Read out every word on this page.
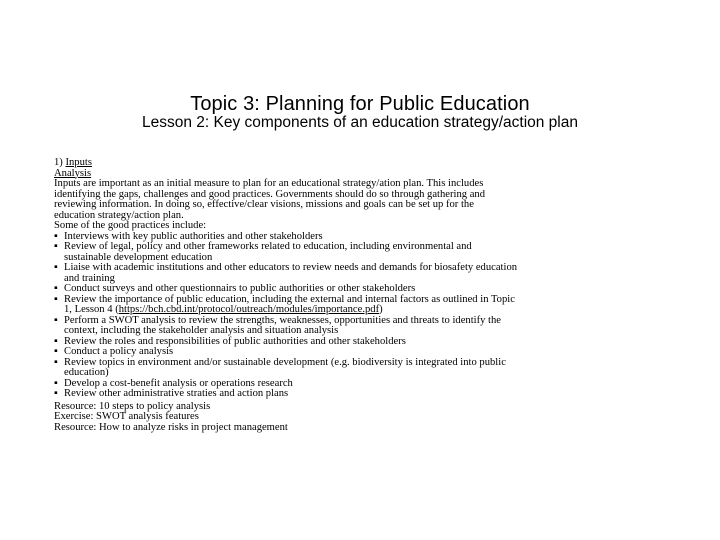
Topic 3: Planning for Public Education
Lesson 2: Key components of an education strategy/action plan

1) Inputs

Analysis

Inputs are important as an initial measure to plan for an educational strategy/ation plan. This includes

identifying the gaps, challenges and good practices. Governments should do so through gathering and

reviewing information. In doing so, effective/clear visions, missions and goals can be set up for the

education strategy/action plan.

Some of the good practices include:

▪ Interviews with key public authorities and other stakeholders

▪ Review of legal, policy and other frameworks related to education, including environmental and

sustainable development education

▪ Liaise with academic institutions and other educators to review needs and demands for biosafety education

and training

▪ Conduct surveys and other questionnairs to public authorities or other stakeholders

▪ Review the importance of public education, including the external and internal factors as outlined in Topic

1, Lesson 4 (https://bch.cbd.int/protocol/outreach/modules/importance.pdf)

▪ Perform a SWOT analysis to review the strengths, weaknesses, opportunities and threats to identify the

context, including the stakeholder analysis and situation analysis

▪ Review the roles and responsibilities of public authorities and other stakeholders

▪ Conduct a policy analysis

▪ Review topics in environment and/or sustainable development (e.g. biodiversity is integrated into public

education)

▪ Develop a cost-benefit analysis or operations research

▪ Review other administrative straties and action plans

Resource: 10 steps to policy analysis

Exercise: SWOT analysis features

Resource: How to analyze risks in project management
